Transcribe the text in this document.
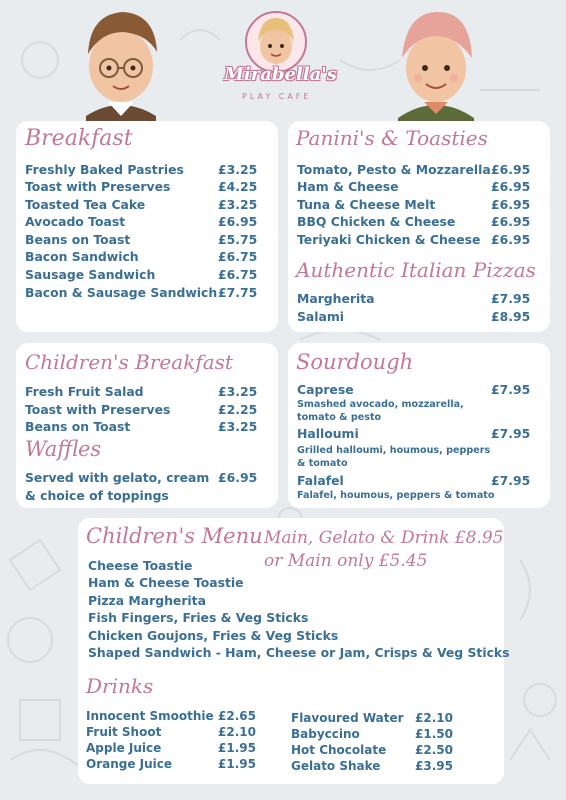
Mirabella's
PLAY CAFE
Breakfast
Freshly Baked Pastries	£3.25
Toast with Preserves	£4.25
Toasted Tea Cake	£3.25
Avocado Toast	£6.95
Beans on Toast	£5.75
Bacon Sandwich	£6.75
Sausage Sandwich	£6.75
Bacon & Sausage Sandwich £7.75
Panini's & Toasties
Tomato, Pesto & Mozzarella £6.95
Ham & Cheese	£6.95
Tuna & Cheese Melt	£6.95
BBQ Chicken & Cheese	£6.95
Teriyaki Chicken & Cheese £6.95
Authentic Italian Pizzas
Margherita	£7.95
Salami	£8.95
Children's Breakfast
Fresh Fruit Salad	£3.25
Toast with Preserves	£2.25
Beans on Toast	£3.25
Waffles
Served with gelato, cream £6.95
& choice of toppings
Sourdough
Caprese	£7.95
Smashed avocado, mozzarella,
tomato & pesto
Halloumi	£7.95
Grilled halloumi, houmous, peppers
& tomato
Falafel	£7.95
Falafel, houmous, peppers & tomato
Children's Menu Main, Gelato & Drink £8.95
or Main only £5.45
Cheese Toastie
Ham & Cheese Toastie
Pizza Margherita
Fish Fingers, Fries & Veg Sticks
Chicken Goujons, Fries & Veg Sticks
Shaped Sandwich - Ham, Cheese or Jam, Crisps & Veg Sticks
Drinks
Innocent Smoothie £2.65
Fruit Shoot	£2.10
Apple Juice	£1.95
Orange Juice	£1.95
Flavoured Water £2.10
Babyccino	£1.50
Hot Chocolate £2.50
Gelato Shake	£3.95
